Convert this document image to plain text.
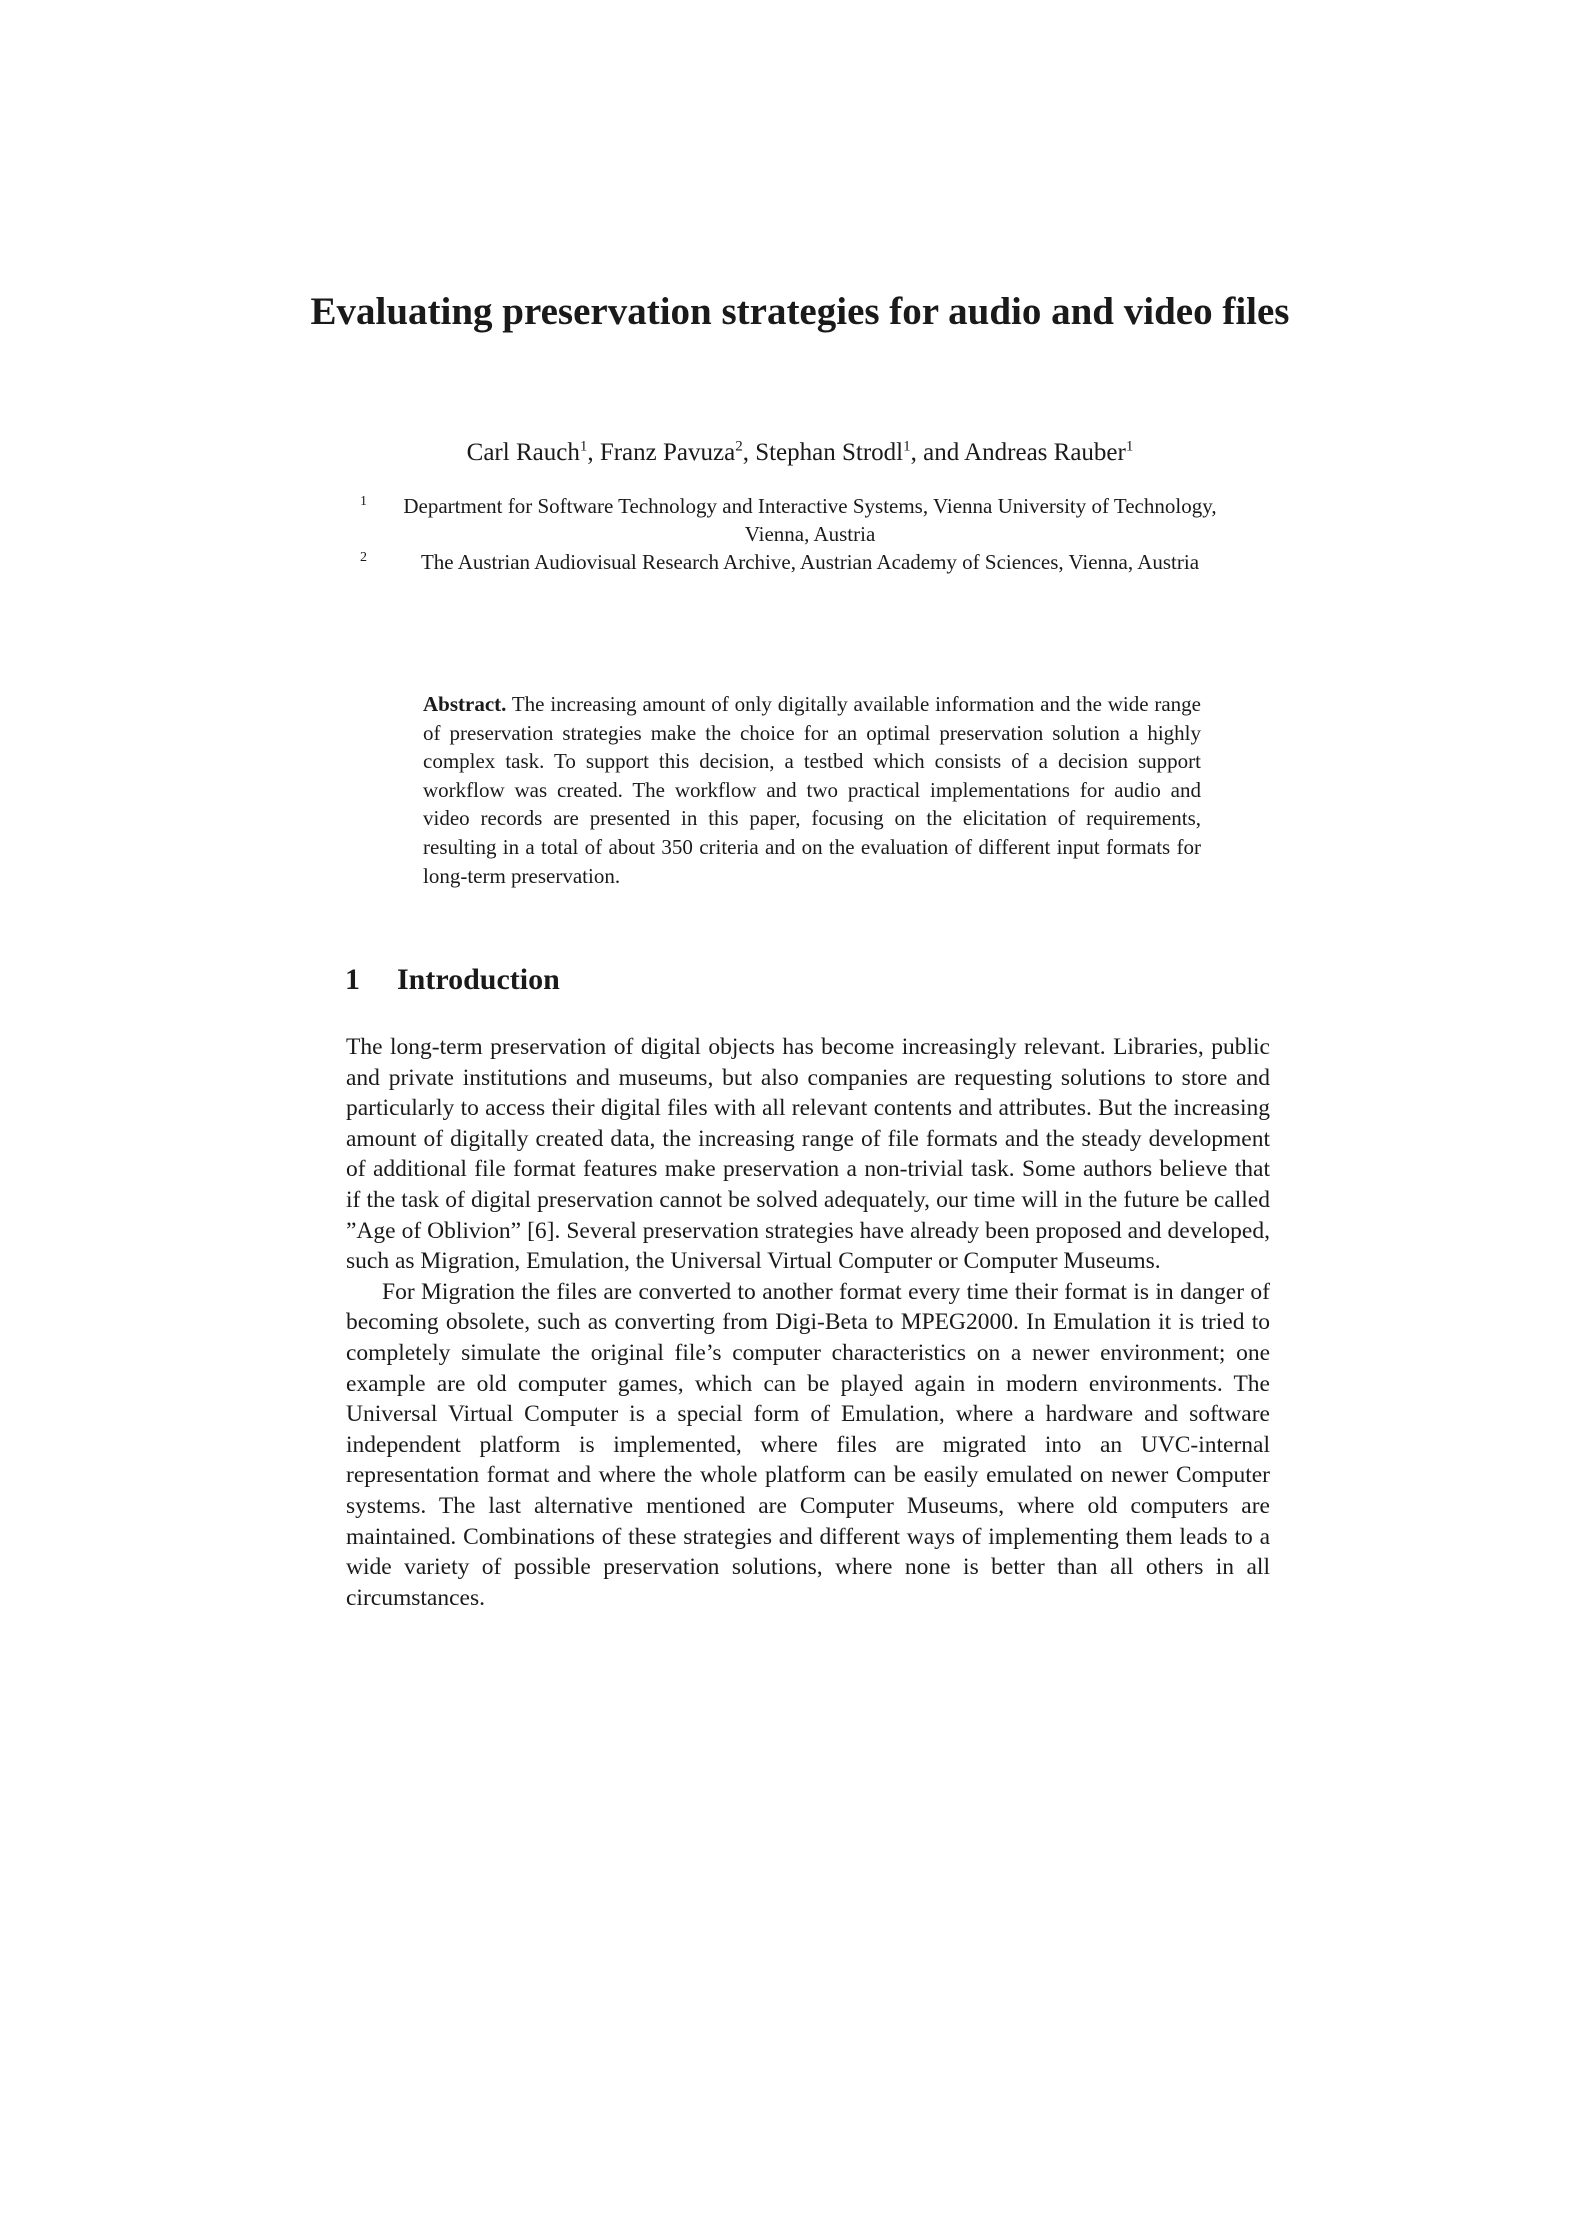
Evaluating preservation strategies for audio and video files
Carl Rauch$^1$, Franz Pavuza$^2$, Stephan Strodl$^1$, and Andreas Rauber$^1$
1 Department for Software Technology and Interactive Systems, Vienna University of Technology, Vienna, Austria
2	The Austrian Audiovisual Research Archive, Austrian Academy of Sciences, Vienna, Austria

Abstract. The increasing amount of only digitally available information and the wide range of preservation strategies make the choice for an optimal preservation solution a highly complex task. To support this decision, a testbed which consists of a decision support workflow was created. The workflow and two practical implementations for audio and video records are presented in this paper, focusing on the elicitation of requirements, resulting in a total of about 350 criteria and on the evaluation of different input formats for long-term preservation.

1 Introduction

The long-term preservation of digital objects has become increasingly relevant. Libraries, public and private institutions and museums, but also companies are requesting solutions to store and particularly to access their digital files with all relevant contents and attributes. But the increasing amount of digitally created data, the increasing range of file formats and the steady development of additional file format features make preservation a non-trivial task. Some authors believe that if the task of digital preservation cannot be solved adequately, our time will in the future be called ”Age of Oblivion” [6]. Several preservation strategies have already been proposed and developed, such as Migration, Emulation, the Universal Virtual Computer or Computer Museums.

For Migration the files are converted to another format every time their format is in danger of becoming obsolete, such as converting from Digi-Beta to MPEG2000. In Emulation it is tried to completely simulate the original file’s computer characteristics on a newer environment; one example are old computer games, which can be played again in modern environments. The Universal Virtual Computer is a special form of Emulation, where a hardware and software independent platform is implemented, where files are migrated into an UVC-internal representation format and where the whole platform can be easily emulated on newer Computer systems. The last alternative mentioned are Computer Museums, where old computers are maintained. Combinations of these strategies and different ways of implementing them leads to a wide variety of possible preservation solutions, where none is better than all others in all circumstances.
